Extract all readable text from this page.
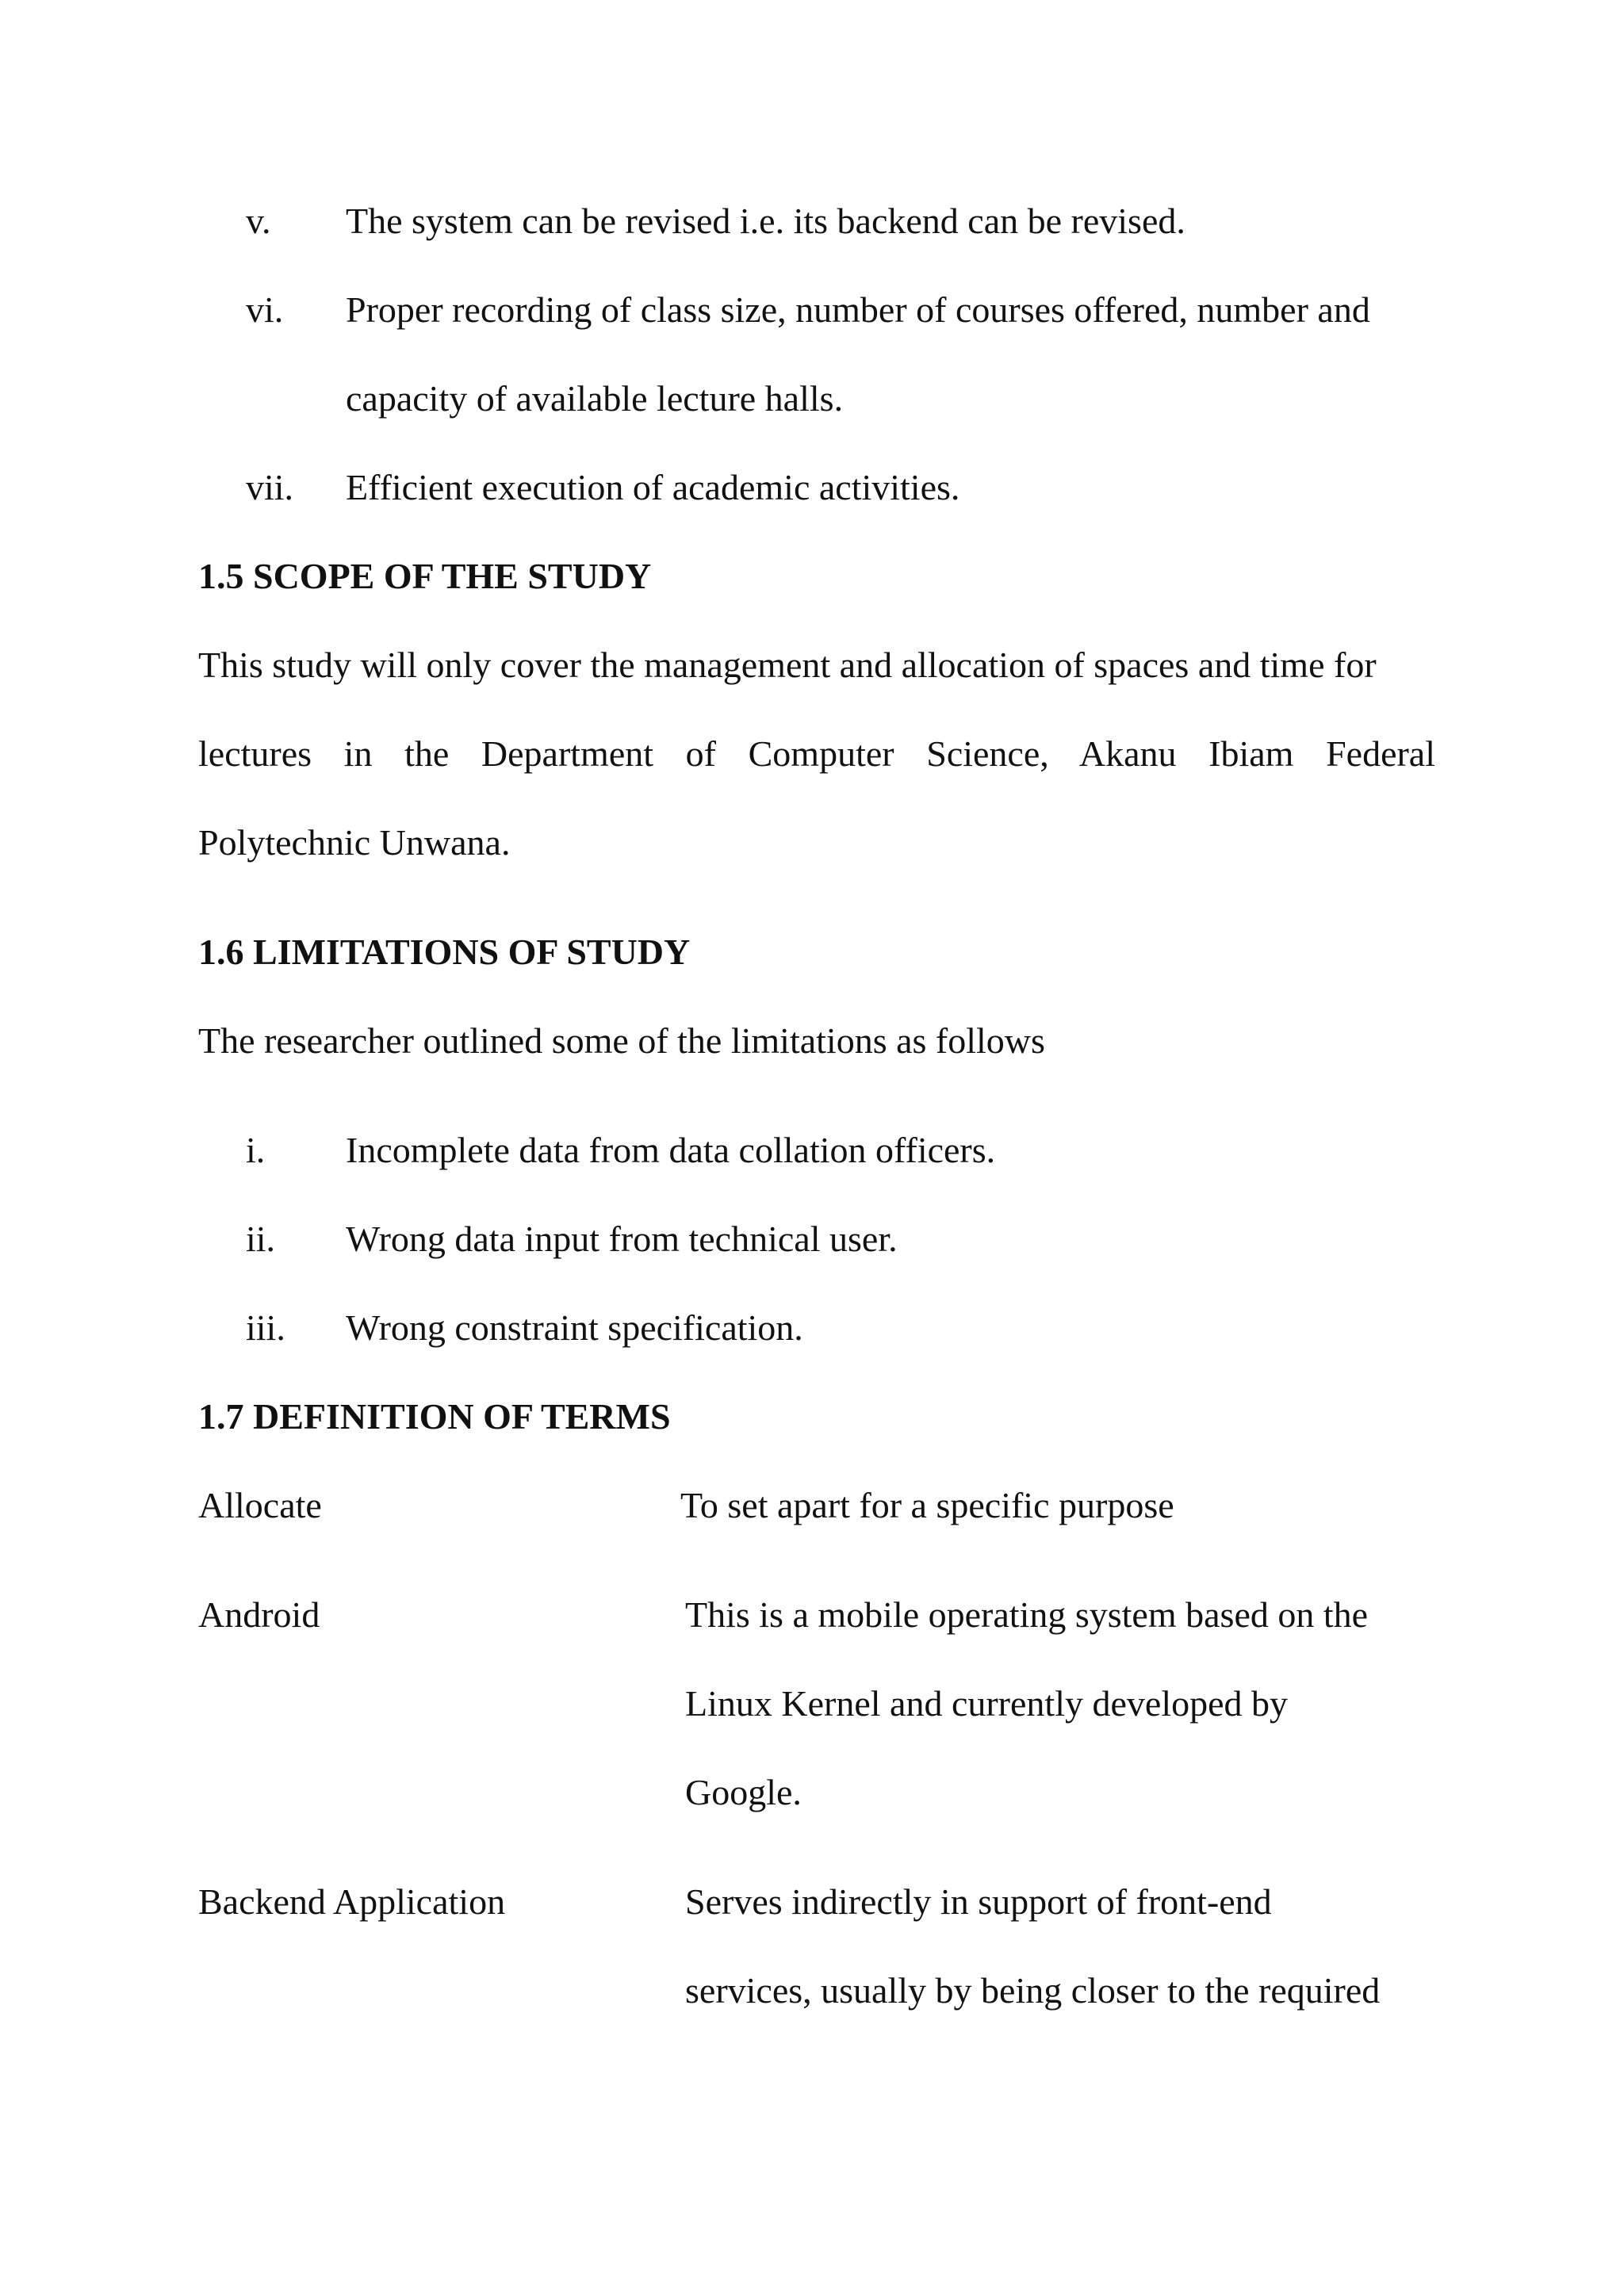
v. The system can be revised i.e. its backend can be revised.
vi. Proper recording of class size, number of courses offered, number and
capacity of available lecture halls.
vii. Efficient execution of academic activities.
1.5 SCOPE OF THE STUDY
This study will only cover the management and allocation of spaces and time for
lectures in the Department of Computer Science, Akanu Ibiam Federal
Polytechnic Unwana.
1.6 LIMITATIONS OF STUDY
The researcher outlined some of the limitations as follows
i. Incomplete data from data collation officers.
ii. Wrong data input from technical user.
iii. Wrong constraint specification.
1.7 DEFINITION OF TERMS
Allocate	To set apart for a specific purpose
Android	This is a mobile operating system based on the
Linux Kernel and currently developed by
Google.
Backend Application	Serves indirectly in support of front-end
services, usually by being closer to the required
